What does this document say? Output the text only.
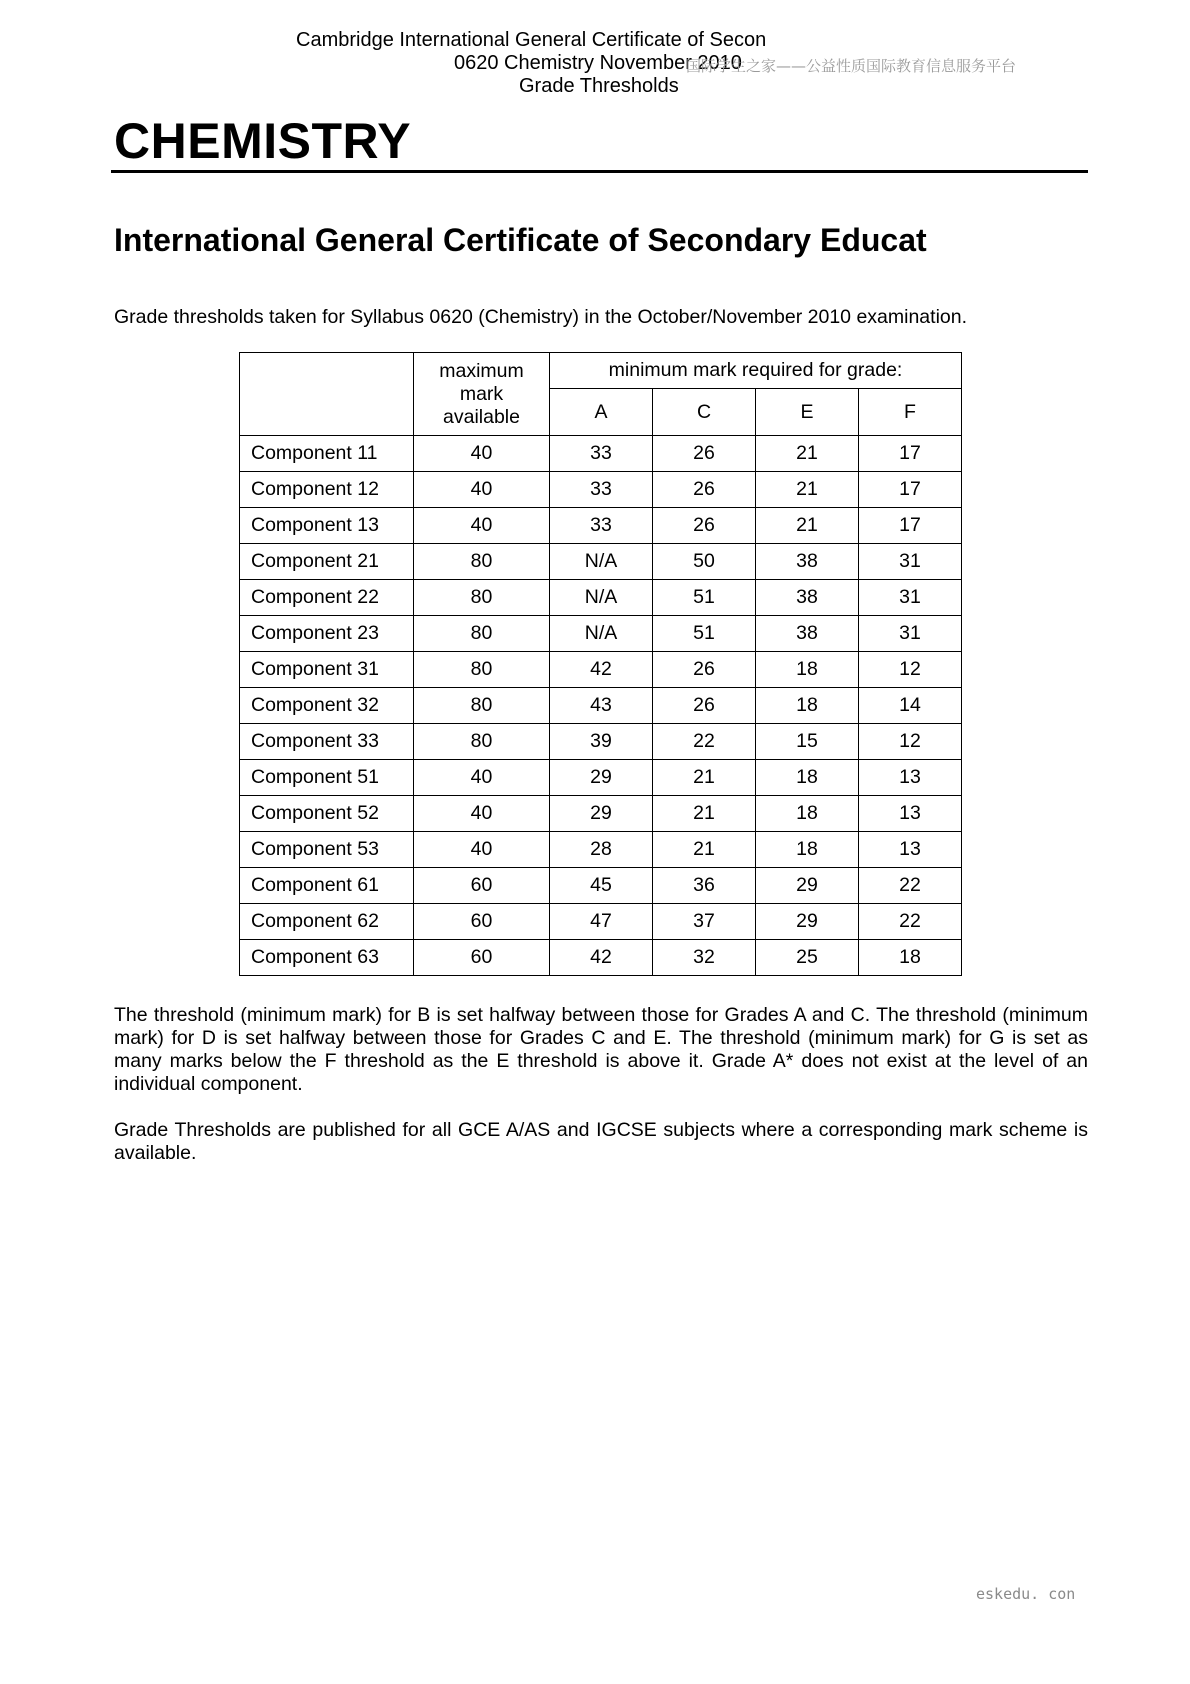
Cambridge International General Certificate of Secon
0620 Chemistry November 2010
Grade Thresholds
国际学生之家——公益性质国际教育信息服务平台
CHEMISTRY
International General Certificate of Secondary Educat
Grade thresholds taken for Syllabus 0620 (Chemistry) in the October/November 2010 examination.

	maximum
mark
available	minimum mark required for grade:			
		A	C	E	F
Component 11	40	33	26	21	17
Component 12	40	33	26	21	17
Component 13	40	33	26	21	17
Component 21	80	N/A	50	38	31
Component 22	80	N/A	51	38	31
Component 23	80	N/A	51	38	31
Component 31	80	42	26	18	12
Component 32	80	43	26	18	14
Component 33	80	39	22	15	12
Component 51	40	29	21	18	13
Component 52	40	29	21	18	13
Component 53	40	28	21	18	13
Component 61	60	45	36	29	22
Component 62	60	47	37	29	22
Component 63	60	42	32	25	18
The threshold (minimum mark) for B is set halfway between those for Grades A and C. The threshold (minimum mark) for D is set halfway between those for Grades C and E. The threshold (minimum mark) for G is set as many marks below the F threshold as the E threshold is above it. Grade A* does not exist at the level of an individual component.
Grade Thresholds are published for all GCE A/AS and IGCSE subjects where a corresponding mark scheme is available.
eskedu. con
